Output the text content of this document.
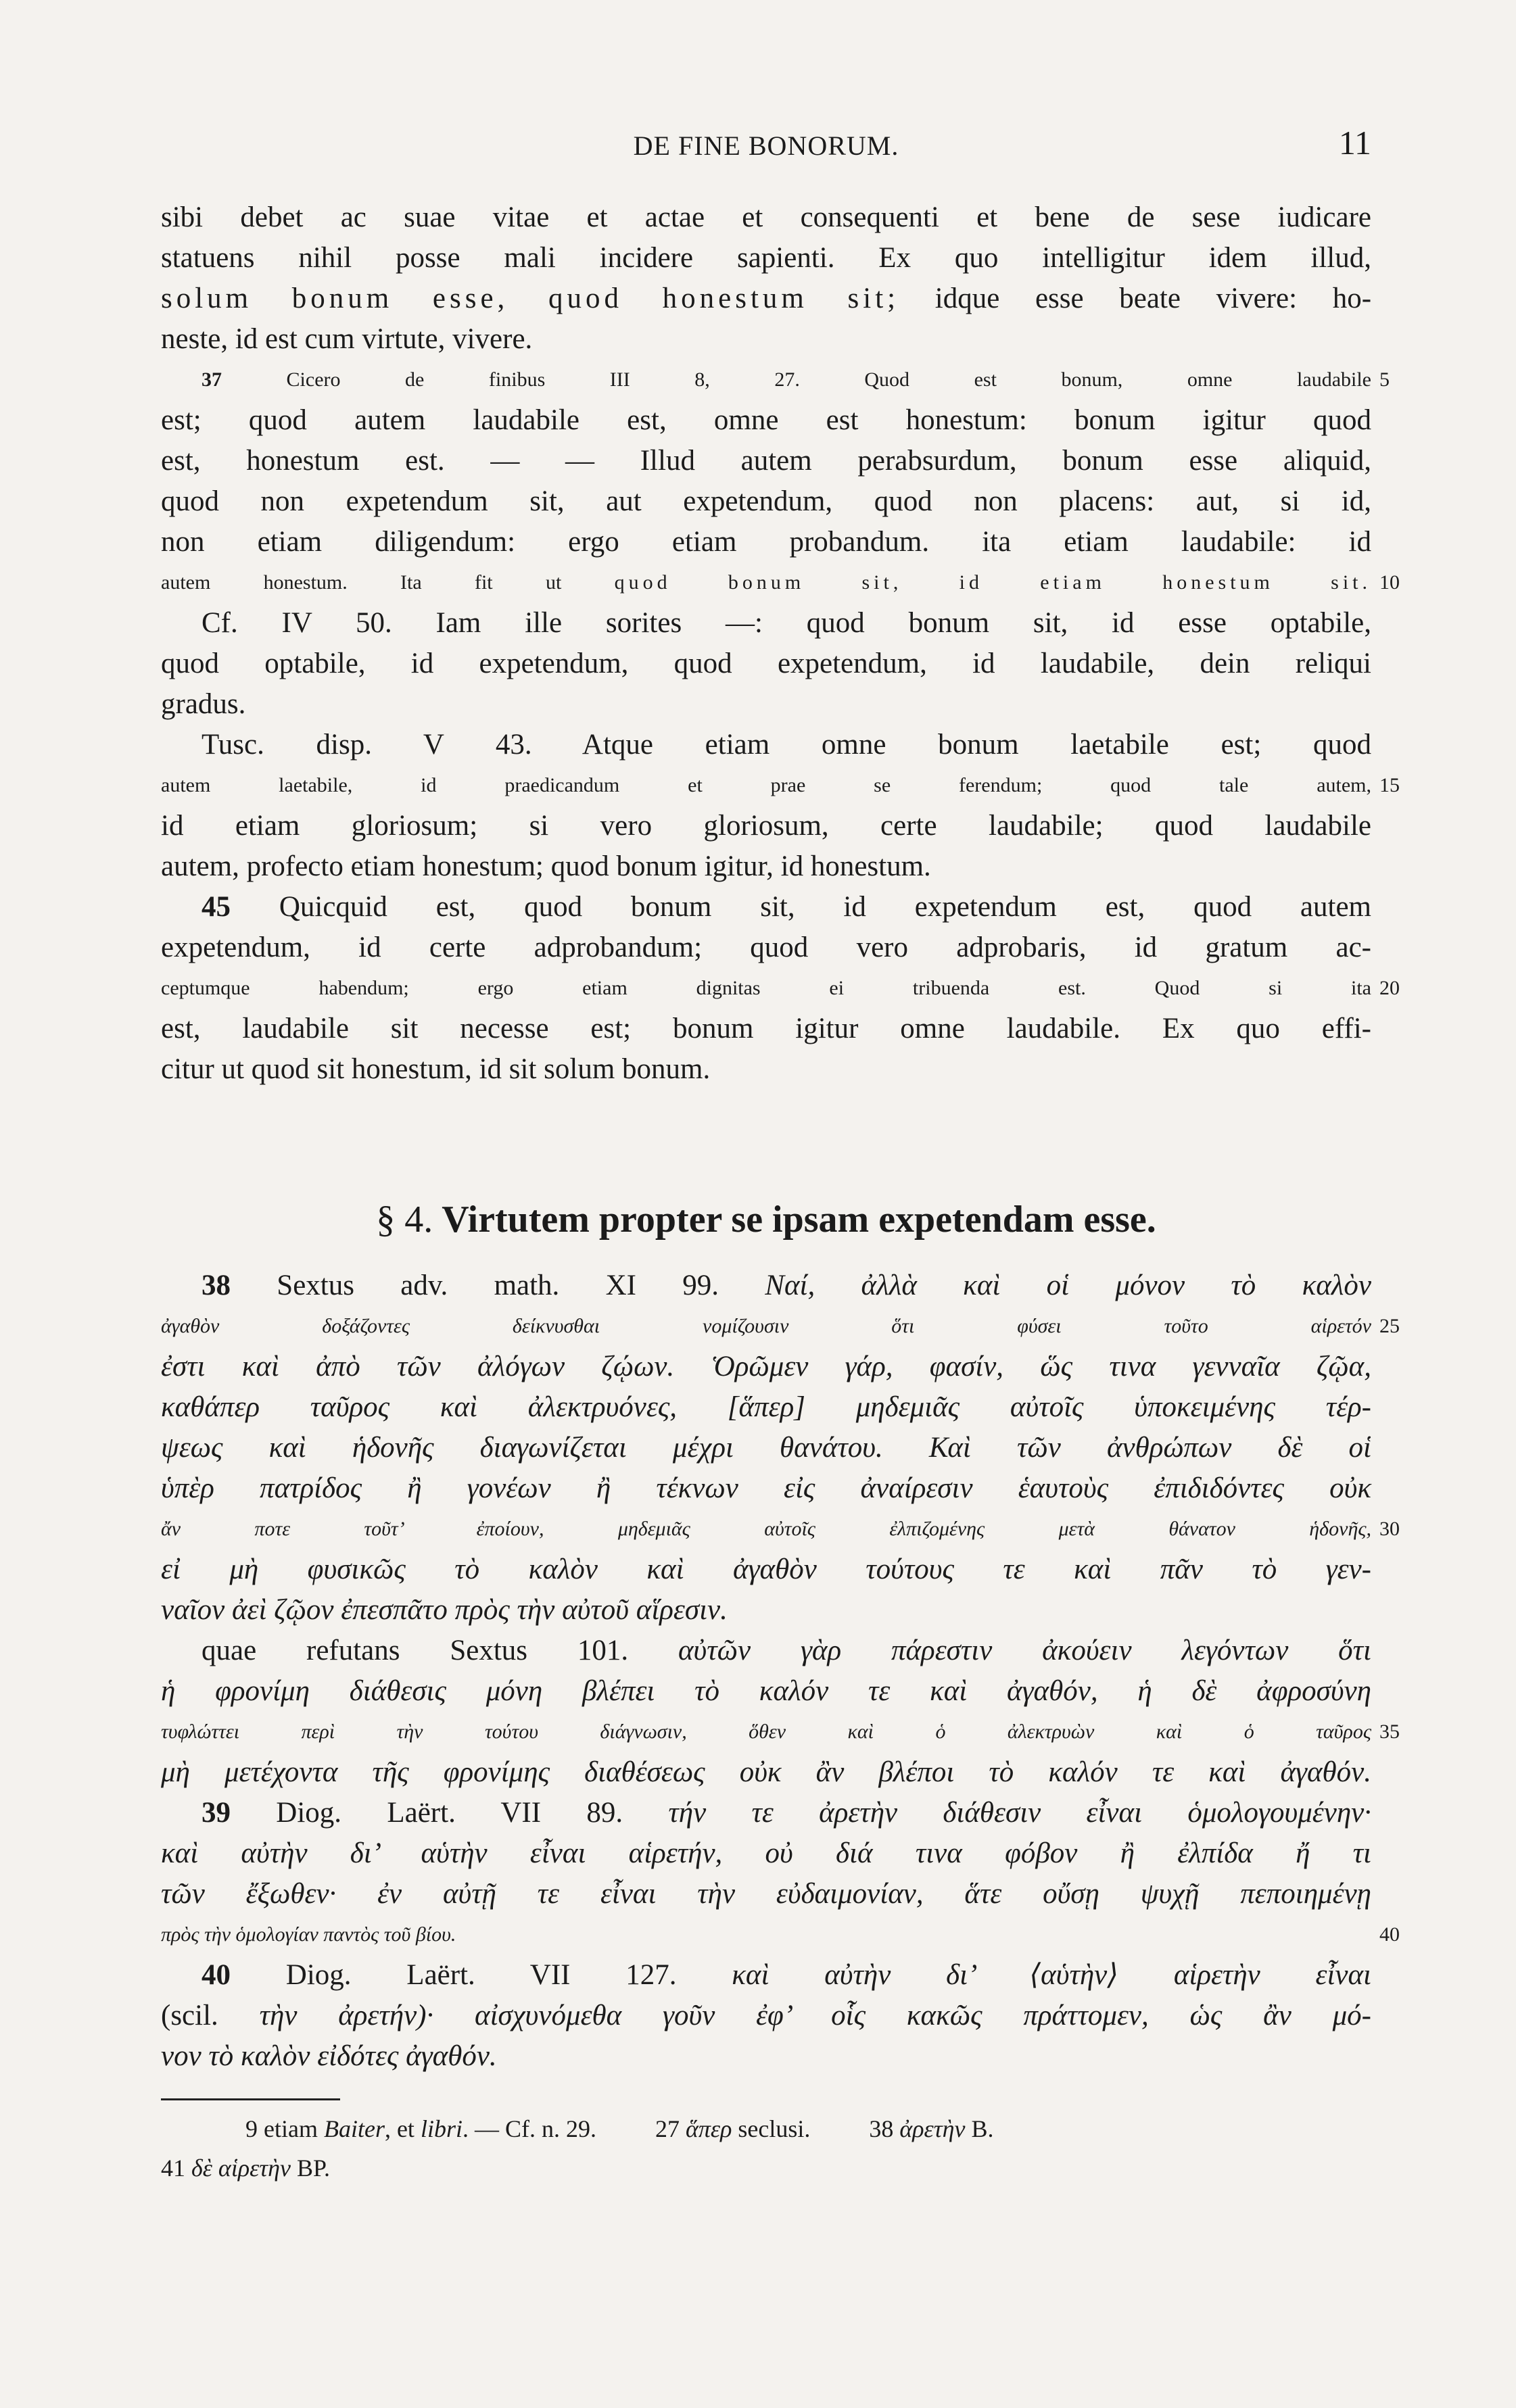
DE FINE BONORUM.	11
sibi debet ac suae vitae et actae et consequenti et bene de sese iudicare
statuens nihil posse mali incidere sapienti. Ex quo intelligitur idem illud,
solum bonum esse, quod honestum sit; idque esse beate vivere: ho-
neste, id est cum virtute, vivere.
37 Cicero de finibus III 8, 27. Quod est bonum, omne laudabile 5
est; quod autem laudabile est, omne est honestum: bonum igitur quod
est, honestum est. — — Illud autem perabsurdum, bonum esse aliquid,
quod non expetendum sit, aut expetendum, quod non placens: aut, si id,
non etiam diligendum: ergo etiam probandum. ita etiam laudabile: id
autem honestum. Ita fit ut quod bonum sit, id etiam honestum sit. 10
Cf. IV 50. Iam ille sorites —: quod bonum sit, id esse optabile,
quod optabile, id expetendum, quod expetendum, id laudabile, dein reliqui
gradus.
Tusc. disp. V 43. Atque etiam omne bonum laetabile est; quod
autem laetabile, id praedicandum et prae se ferendum; quod tale autem, 15
id etiam gloriosum; si vero gloriosum, certe laudabile; quod laudabile
autem, profecto etiam honestum; quod bonum igitur, id honestum.
45 Quicquid est, quod bonum sit, id expetendum est, quod autem
expetendum, id certe adprobandum; quod vero adprobaris, id gratum ac-
ceptumque habendum; ergo etiam dignitas ei tribuenda est. Quod si ita 20
est, laudabile sit necesse est; bonum igitur omne laudabile. Ex quo effi-
citur ut quod sit honestum, id sit solum bonum.
§ 4. Virtutem propter se ipsam expetendam esse.
38 Sextus adv. math. XI 99. Ναί, ἀλλὰ καὶ οἱ μόνον τὸ καλὸν
ἀγαθὸν δοξάζοντες δείκνυσθαι νομίζουσιν ὅτι φύσει τοῦτο αἱρετόν 25
ἐστι καὶ ἀπὸ τῶν ἀλόγων ζῴων. Ὁρῶμεν γάρ, φασίν, ὥς τινα γενναῖα ζῷα,
καθάπερ ταῦρος καὶ ἀλεκτρυόνες, [ἅπερ] μηδεμιᾶς αὐτοῖς ὑποκειμένης τέρ-
ψεως καὶ ἡδονῆς διαγωνίζεται μέχρι θανάτου. Καὶ τῶν ἀνθρώπων δὲ οἱ
ὑπὲρ πατρίδος ἢ γονέων ἢ τέκνων εἰς ἀναίρεσιν ἑαυτοὺς ἐπιδιδόντες οὐκ
ἄν ποτε τοῦτ’ ἐποίουν, μηδεμιᾶς αὐτοῖς ἐλπιζομένης μετὰ θάνατον ἡδονῆς, 30
εἰ μὴ φυσικῶς τὸ καλὸν καὶ ἀγαθὸν τούτους τε καὶ πᾶν τὸ γεν-
ναῖον ἀεὶ ζῷον ἐπεσπᾶτο πρὸς τὴν αὐτοῦ αἵρεσιν.
quae refutans Sextus 101. αὐτῶν γὰρ πάρεστιν ἀκούειν λεγόντων ὅτι
ἡ φρονίμη διάθεσις μόνη βλέπει τὸ καλόν τε καὶ ἀγαθόν, ἡ δὲ ἀφροσύνη
τυφλώττει περὶ τὴν τούτου διάγνωσιν, ὅθεν καὶ ὁ ἀλεκτρυὼν καὶ ὁ ταῦρος 35
μὴ μετέχοντα τῆς φρονίμης διαθέσεως οὐκ ἂν βλέποι τὸ καλόν τε καὶ ἀγαθόν.
39 Diog. Laërt. VII 89. τήν τε ἀρετὴν διάθεσιν εἶναι ὁμολογουμένην·
καὶ αὐτὴν δι’ αὑτὴν εἶναι αἱρετήν, οὐ διά τινα φόβον ἢ ἐλπίδα ἤ τι
τῶν ἔξωθεν· ἐν αὐτῇ τε εἶναι τὴν εὐδαιμονίαν, ἅτε οὔσῃ ψυχῇ πεποιημένῃ
πρὸς τὴν ὁμολογίαν παντὸς τοῦ βίου.	40
40 Diog. Laërt. VII 127. καὶ αὐτὴν δι’ ⟨αὑτὴν⟩ αἱρετὴν εἶναι
(scil. τὴν ἀρετήν)· αἰσχυνόμεθα γοῦν ἐφ’ οἷς κακῶς πράττομεν, ὡς ἂν μό-
νον τὸ καλὸν εἰδότες ἀγαθόν.
9 etiam Baiter, et libri. — Cf. n. 29. 27 ἅπερ seclusi. 38 ἀρετὴν B.
41 δὲ αἱρετὴν BP.
